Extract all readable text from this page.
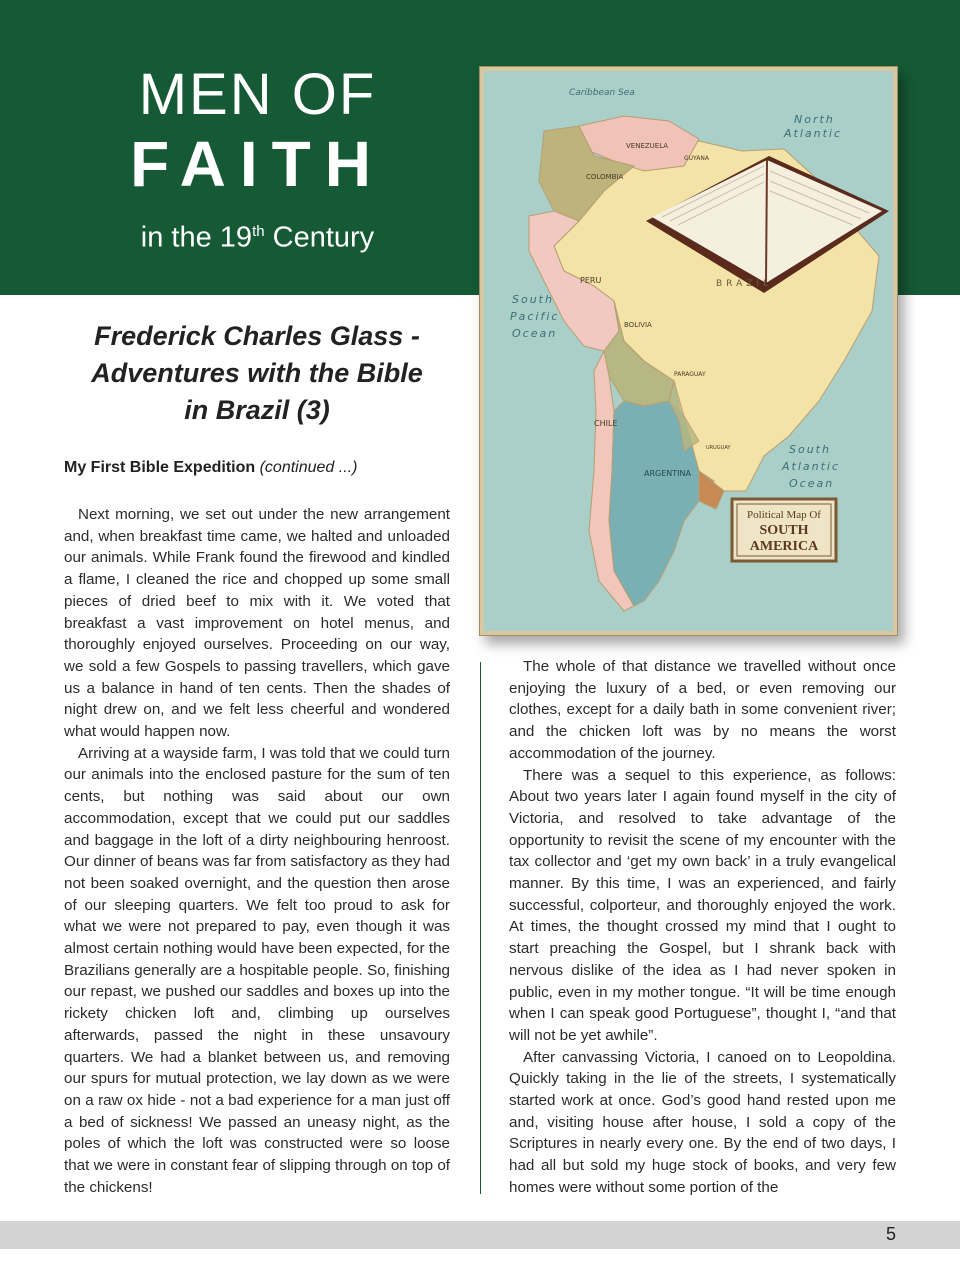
MEN OF
FAITH
in the 19th Century
Caribbean Sea
North
Atlantic
South
Pacific
Ocean
South
Atlantic
Ocean
BRAZIL
VENEZUELA
GUYANA
COLOMBIA
PERU
BOLIVIA
PARAGUAY
CHILE
ARGENTINA
URUGUAY
Political Map Of
SOUTH
AMERICA
Frederick Charles Glass -
Adventures with the Bible
in Brazil (3)
My First Bible Expedition (continued ...)

Next morning, we set out under the new arrangement and, when breakfast time came, we halted and unloaded our animals. While Frank found the firewood and kindled a flame, I cleaned the rice and chopped up some small pieces of dried beef to mix with it. We voted that breakfast a vast improvement on hotel menus, and thoroughly enjoyed ourselves. Proceeding on our way, we sold a few Gospels to passing travellers, which gave us a balance in hand of ten cents. Then the shades of night drew on, and we felt less cheerful and wondered what would happen now.

Arriving at a wayside farm, I was told that we could turn our animals into the enclosed pasture for the sum of ten cents, but nothing was said about our own accommodation, except that we could put our saddles and baggage in the loft of a dirty neighbouring henroost. Our dinner of beans was far from satisfactory as they had not been soaked overnight, and the question then arose of our sleeping quarters. We felt too proud to ask for what we were not prepared to pay, even though it was almost certain nothing would have been expected, for the Brazilians generally are a hospitable people. So, finishing our repast, we pushed our saddles and boxes up into the rickety chicken loft and, climbing up ourselves afterwards, passed the night in these unsavoury quarters. We had a blanket between us, and removing our spurs for mutual protection, we lay down as we were on a raw ox hide - not a bad experience for a man just off a bed of sickness! We passed an uneasy night, as the poles of which the loft was constructed were so loose that we were in constant fear of slipping through on top of the chickens!

The whole of that distance we travelled without once enjoying the luxury of a bed, or even removing our clothes, except for a daily bath in some convenient river; and the chicken loft was by no means the worst accommodation of the journey.

There was a sequel to this experience, as follows: About two years later I again found myself in the city of Victoria, and resolved to take advantage of the opportunity to revisit the scene of my encounter with the tax collector and ‘get my own back’ in a truly evangelical manner. By this time, I was an experienced, and fairly successful, colporteur, and thoroughly enjoyed the work. At times, the thought crossed my mind that I ought to start preaching the Gospel, but I shrank back with nervous dislike of the idea as I had never spoken in public, even in my mother tongue. “It will be time enough when I can speak good Portuguese”, thought I, “and that will not be yet awhile”.

After canvassing Victoria, I canoed on to Leopoldina. Quickly taking in the lie of the streets, I systematically started work at once. God’s good hand rested upon me and, visiting house after house, I sold a copy of the Scriptures in nearly every one. By the end of two days, I had all but sold my huge stock of books, and very few homes were without some portion of the

5
